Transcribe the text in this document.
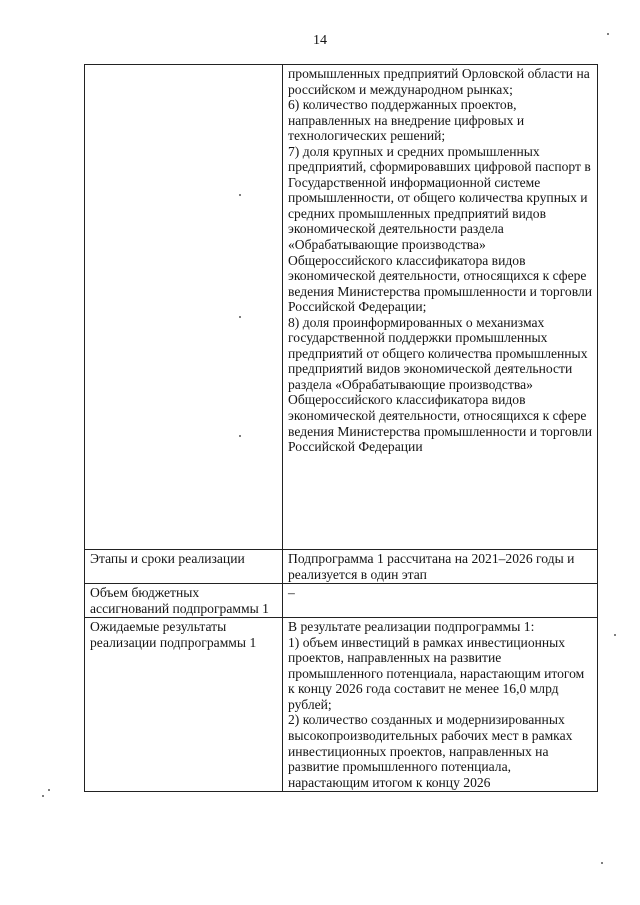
14

	промышленных предприятий Орловской области на российском и международном рынках;
6) количество поддержанных проектов, направленных на внедрение цифровых и технологических решений;
7) доля крупных и средних промышленных предприятий, сформировавших цифровой паспорт в Государственной информационной системе промышленности, от общего количества крупных и средних промышленных предприятий видов экономической деятельности раздела «Обрабатывающие производства» Общероссийского классификатора видов экономической деятельности, относящихся к сфере ведения Министерства промышленности и торговли Российской Федерации;
8) доля проинформированных о механизмах государственной поддержки промышленных предприятий от общего количества промышленных предприятий видов экономической деятельности раздела «Обрабатывающие производства» Общероссийского классификатора видов экономической деятельности, относящихся к сфере ведения Министерства промышленности и торговли Российской Федерации

Этапы и сроки реализации	Подпрограмма 1 рассчитана на 2021–2026 годы и реализуется в один этап
Объем бюджетных ассигнований подпрограммы 1	–
Ожидаемые результаты реализации подпрограммы 1	В результате реализации подпрограммы 1:
1) объем инвестиций в рамках инвестиционных проектов, направленных на развитие промышленного потенциала, нарастающим итогом к концу 2026 года составит не менее 16,0 млрд рублей;
2) количество созданных и модернизированных высокопроизводительных рабочих мест в рамках инвестиционных проектов, направленных на развитие промышленного потенциала, нарастающим итогом к концу 2026
